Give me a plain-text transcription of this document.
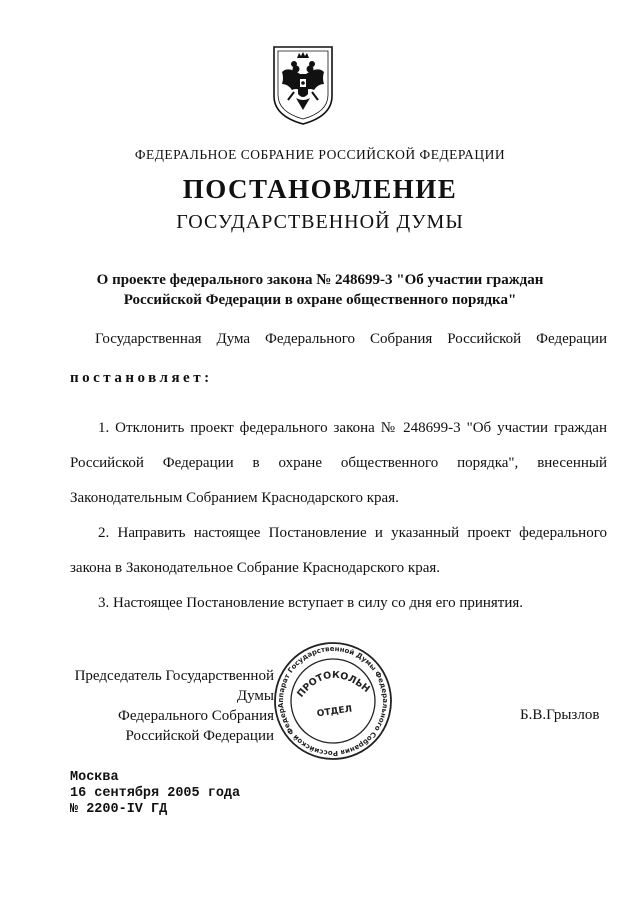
ФЕДЕРАЛЬНОЕ СОБРАНИЕ РОССИЙСКОЙ ФЕДЕРАЦИИ
ПОСТАНОВЛЕНИЕ
ГОСУДАРСТВЕННОЙ ДУМЫ
О проекте федерального закона № 248699-3 "Об участии граждан
Российской Федерации в охране общественного порядка"
Государственная Дума Федерального Собрания Российской Федерации
постановляет:
1. Отклонить проект федерального закона № 248699-3 "Об участии граждан Российской Федерации в охране общественного порядка", внесенный Законодательным Собранием Краснодарского края.
2. Направить настоящее Постановление и указанный проект федерального закона в Законодательное Собрание Краснодарского края.
3. Настоящее Постановление вступает в силу со дня его принятия.
Председатель Государственной Думы
Федерального Собрания
Российской Федерации
Аппарат Государственной Думы Федерального Собрания Российской Федерации
ПРОТОКОЛЬНЫЙ
ОТДЕЛ	Б.В.Грызлов
Москва
16 сентября 2005 года
№ 2200-IV ГД
